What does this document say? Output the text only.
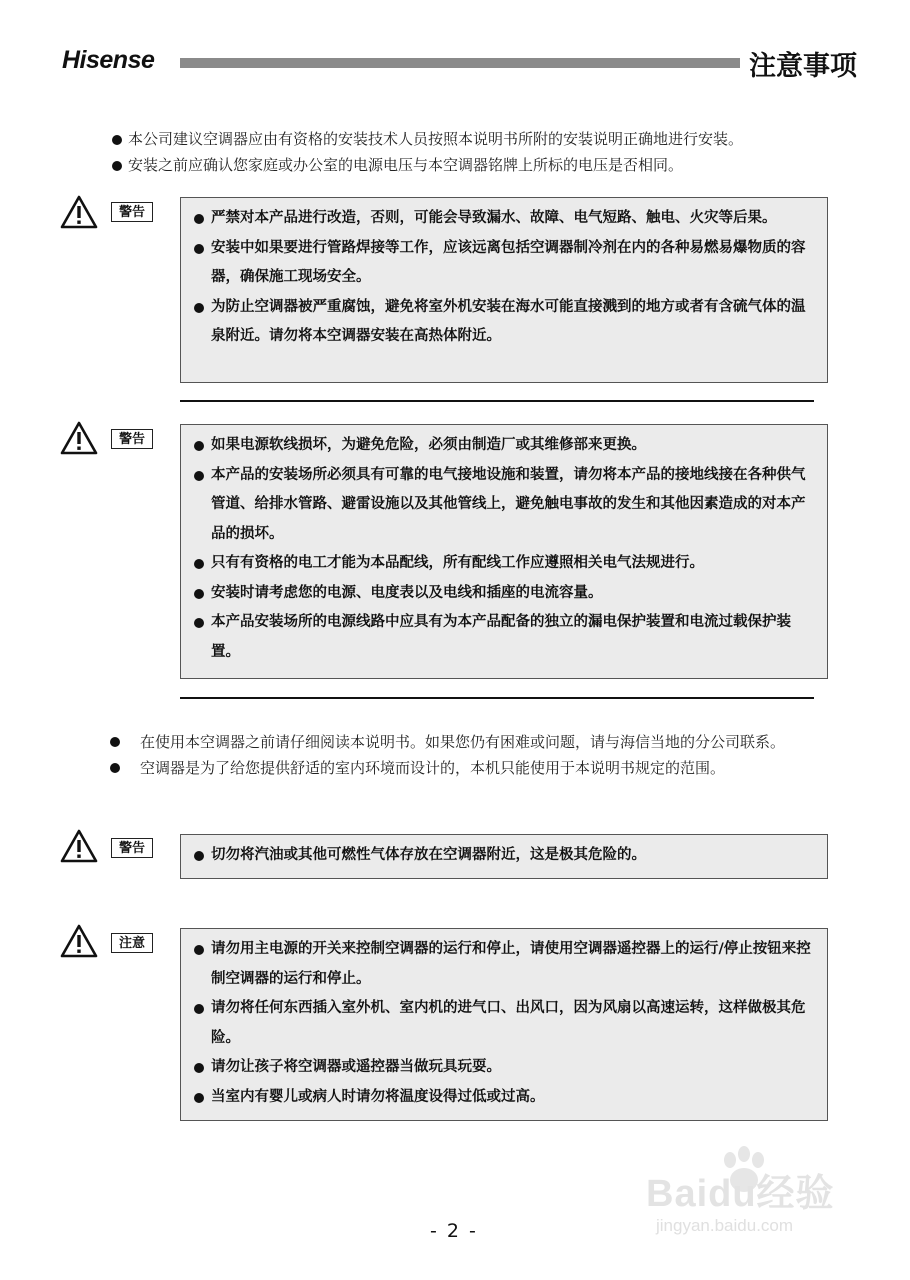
Hisense	注意事项
本公司建议空调器应由有资格的安装技术人员按照本说明书所附的安装说明正确地进行安装。
安装之前应确认您家庭或办公室的电源电压与本空调器铭牌上所标的电压是否相同。
警告	严禁对本产品进行改造，否则，可能会导致漏水、故障、电气短路、触电、火灾等后果。
安装中如果要进行管路焊接等工作，应该远离包括空调器制冷剂在内的各种易燃易爆物质的容器，确保施工现场安全。
为防止空调器被严重腐蚀，避免将室外机安装在海水可能直接溅到的地方或者有含硫气体的温泉附近。请勿将本空调器安装在高热体附近。
警告	如果电源软线损坏，为避免危险，必须由制造厂或其维修部来更换。
本产品的安装场所必须具有可靠的电气接地设施和装置，请勿将本产品的接地线接在各种供气管道、给排水管路、避雷设施以及其他管线上，避免触电事故的发生和其他因素造成的对本产品的损坏。
只有有资格的电工才能为本品配线，所有配线工作应遵照相关电气法规进行。
安装时请考虑您的电源、电度表以及电线和插座的电流容量。
本产品安装场所的电源线路中应具有为本产品配备的独立的漏电保护装置和电流过载保护装置。
在使用本空调器之前请仔细阅读本说明书。如果您仍有困难或问题，请与海信当地的分公司联系。
空调器是为了给您提供舒适的室内环境而设计的，本机只能使用于本说明书规定的范围。
警告	切勿将汽油或其他可燃性气体存放在空调器附近，这是极其危险的。
注意	请勿用主电源的开关来控制空调器的运行和停止，请使用空调器遥控器上的运行/停止按钮来控制空调器的运行和停止。
请勿将任何东西插入室外机、室内机的进气口、出风口，因为风扇以高速运转，这样做极其危险。
请勿让孩子将空调器或遥控器当做玩具玩耍。
当室内有婴儿或病人时请勿将温度设得过低或过高。
Baidu经验
jingyan.baidu.com
- 2 -
